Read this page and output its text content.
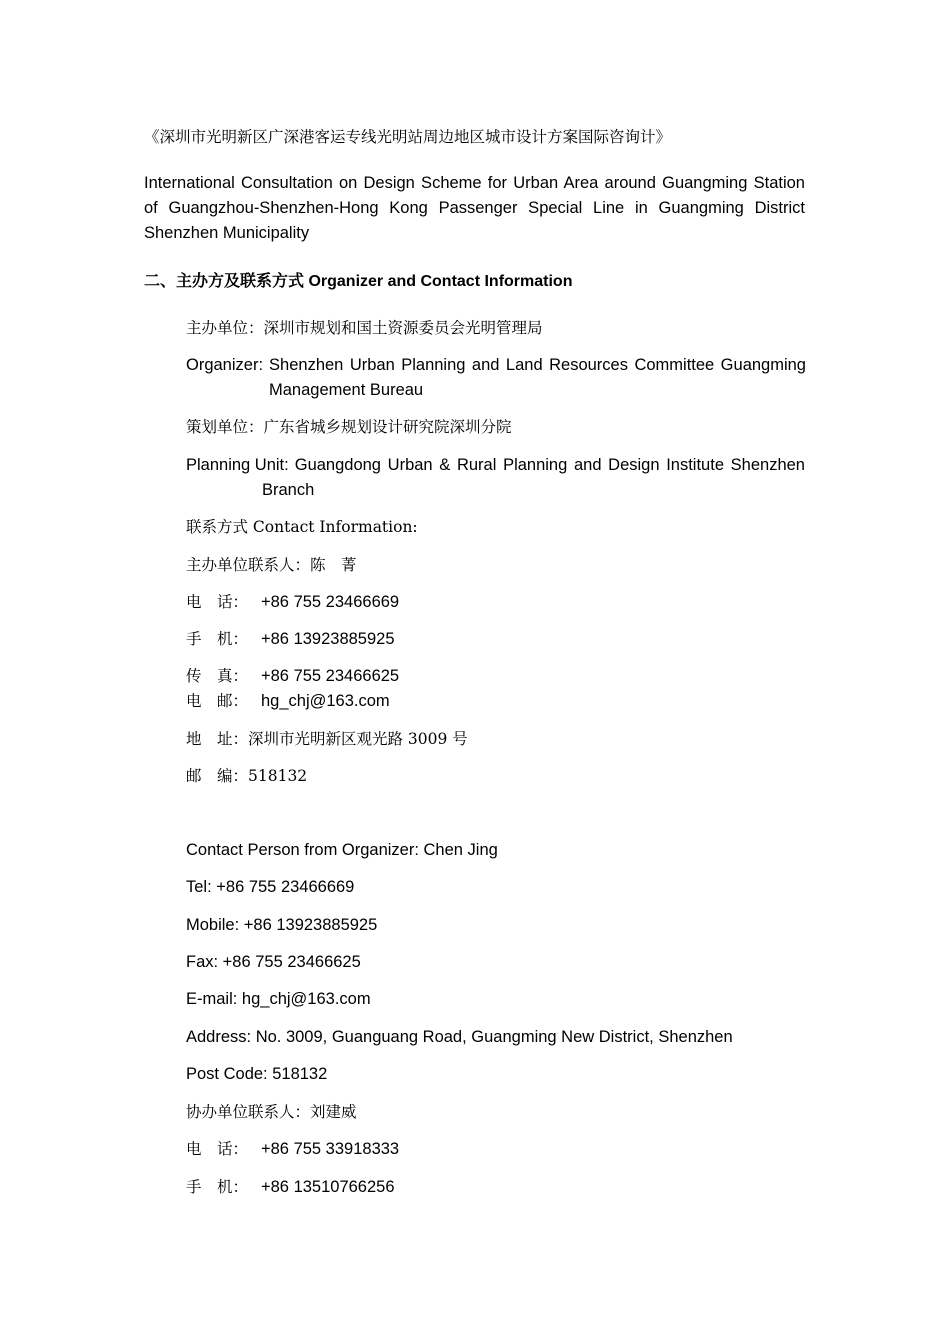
《深圳市光明新区广深港客运专线光明站周边地区城市设计方案国际咨询计》
International Consultation on Design Scheme for Urban Area around Guangming Station of Guangzhou-Shenzhen-Hong Kong Passenger Special Line in Guangming District Shenzhen Municipality
二、主办方及联系方式 Organizer and Contact Information
主办单位：深圳市规划和国土资源委员会光明管理局
Organizer: Shenzhen Urban Planning and Land Resources Committee Guangming
Management Bureau
策划单位：广东省城乡规划设计研究院深圳分院
Planning Unit: Guangdong Urban & Rural Planning and Design Institute Shenzhen
Branch
联系方式 Contact Information:
主办单位联系人：陈　菁
电　话： +86 755 23466669
手　机： +86 13923885925
传　真： +86 755 23466625
电　邮： hg_chj@163.com
地　址：深圳市光明新区观光路 3009 号
邮　编：518132
Contact Person from Organizer: Chen Jing
Tel: +86 755 23466669
Mobile: +86 13923885925
Fax: +86 755 23466625
E-mail: hg_chj@163.com
Address: No. 3009, Guanguang Road, Guangming New District, Shenzhen
Post Code: 518132
协办单位联系人：刘建威
电　话： +86 755 33918333
手　机： +86 13510766256
